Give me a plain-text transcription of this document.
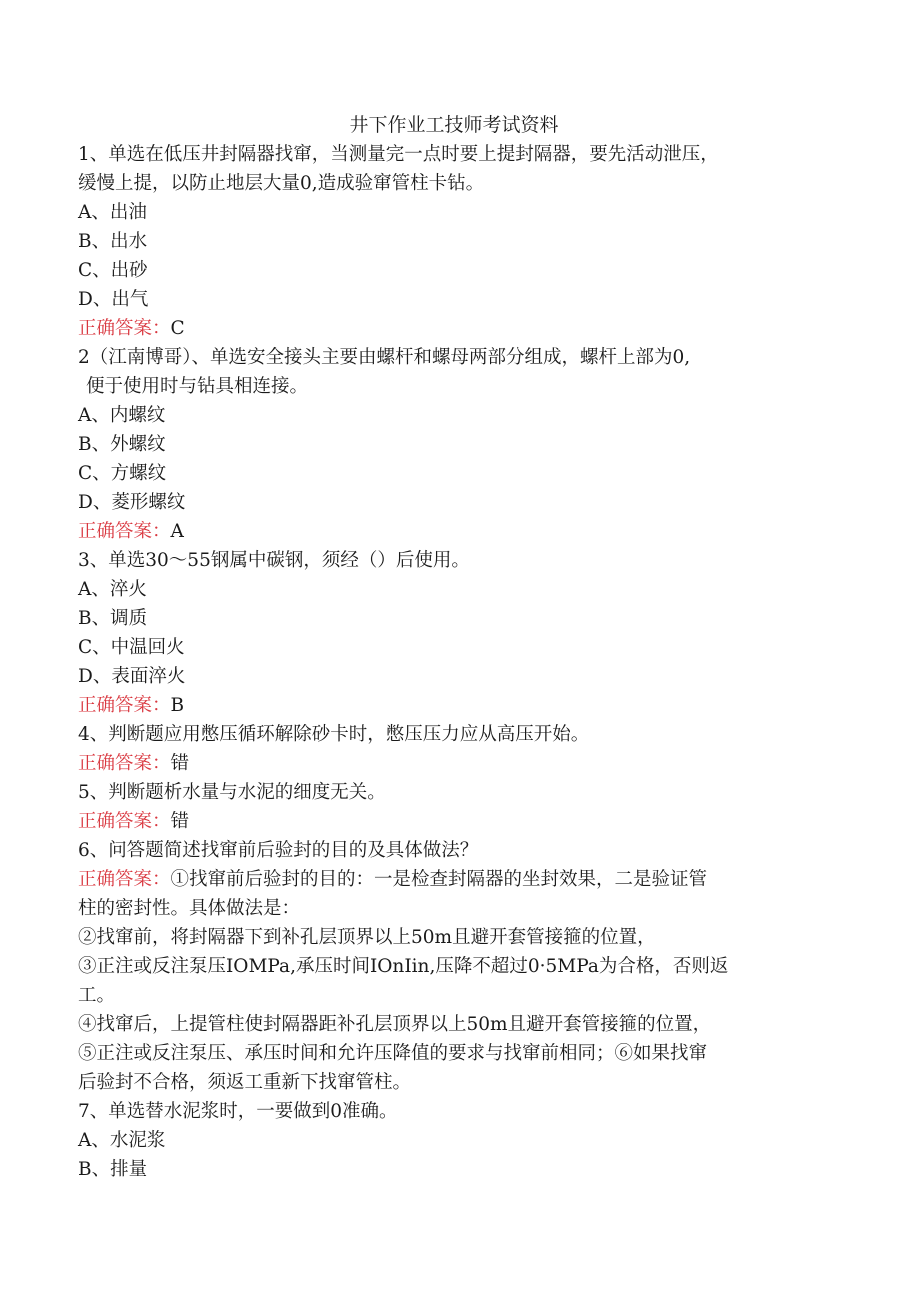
井下作业工技师考试资料

1、单选在低压井封隔器找窜，当测量完一点时要上提封隔器，要先活动泄压，

缓慢上提，以防止地层大量0,造成验窜管柱卡钻。

A、出油

B、出水

C、出砂

D、出气

正确答案：C

2（江南博哥）、单选安全接头主要由螺杆和螺母两部分组成，螺杆上部为0,

便于使用时与钻具相连接。

A、内螺纹

B、外螺纹

C、方螺纹

D、菱形螺纹

正确答案：A

3、单选30～55钢属中碳钢，须经（）后使用。

A、淬火

B、调质

C、中温回火

D、表面淬火

正确答案：B

4、判断题应用憋压循环解除砂卡时，憋压压力应从高压开始。

正确答案：错

5、判断题析水量与水泥的细度无关。

正确答案：错

6、问答题简述找窜前后验封的目的及具体做法？

正确答案：①找窜前后验封的目的：一是检查封隔器的坐封效果，二是验证管

柱的密封性。具体做法是：

②找窜前，将封隔器下到补孔层顶界以上50m且避开套管接箍的位置，

③正注或反注泵压IOMPa,承压时间IOnIin,压降不超过0·5MPa为合格，否则返

工。

④找窜后，上提管柱使封隔器距补孔层顶界以上50m且避开套管接箍的位置，

⑤正注或反注泵压、承压时间和允许压降值的要求与找窜前相同；⑥如果找窜

后验封不合格，须返工重新下找窜管柱。

7、单选替水泥浆时，一要做到0准确。

A、水泥浆

B、排量
